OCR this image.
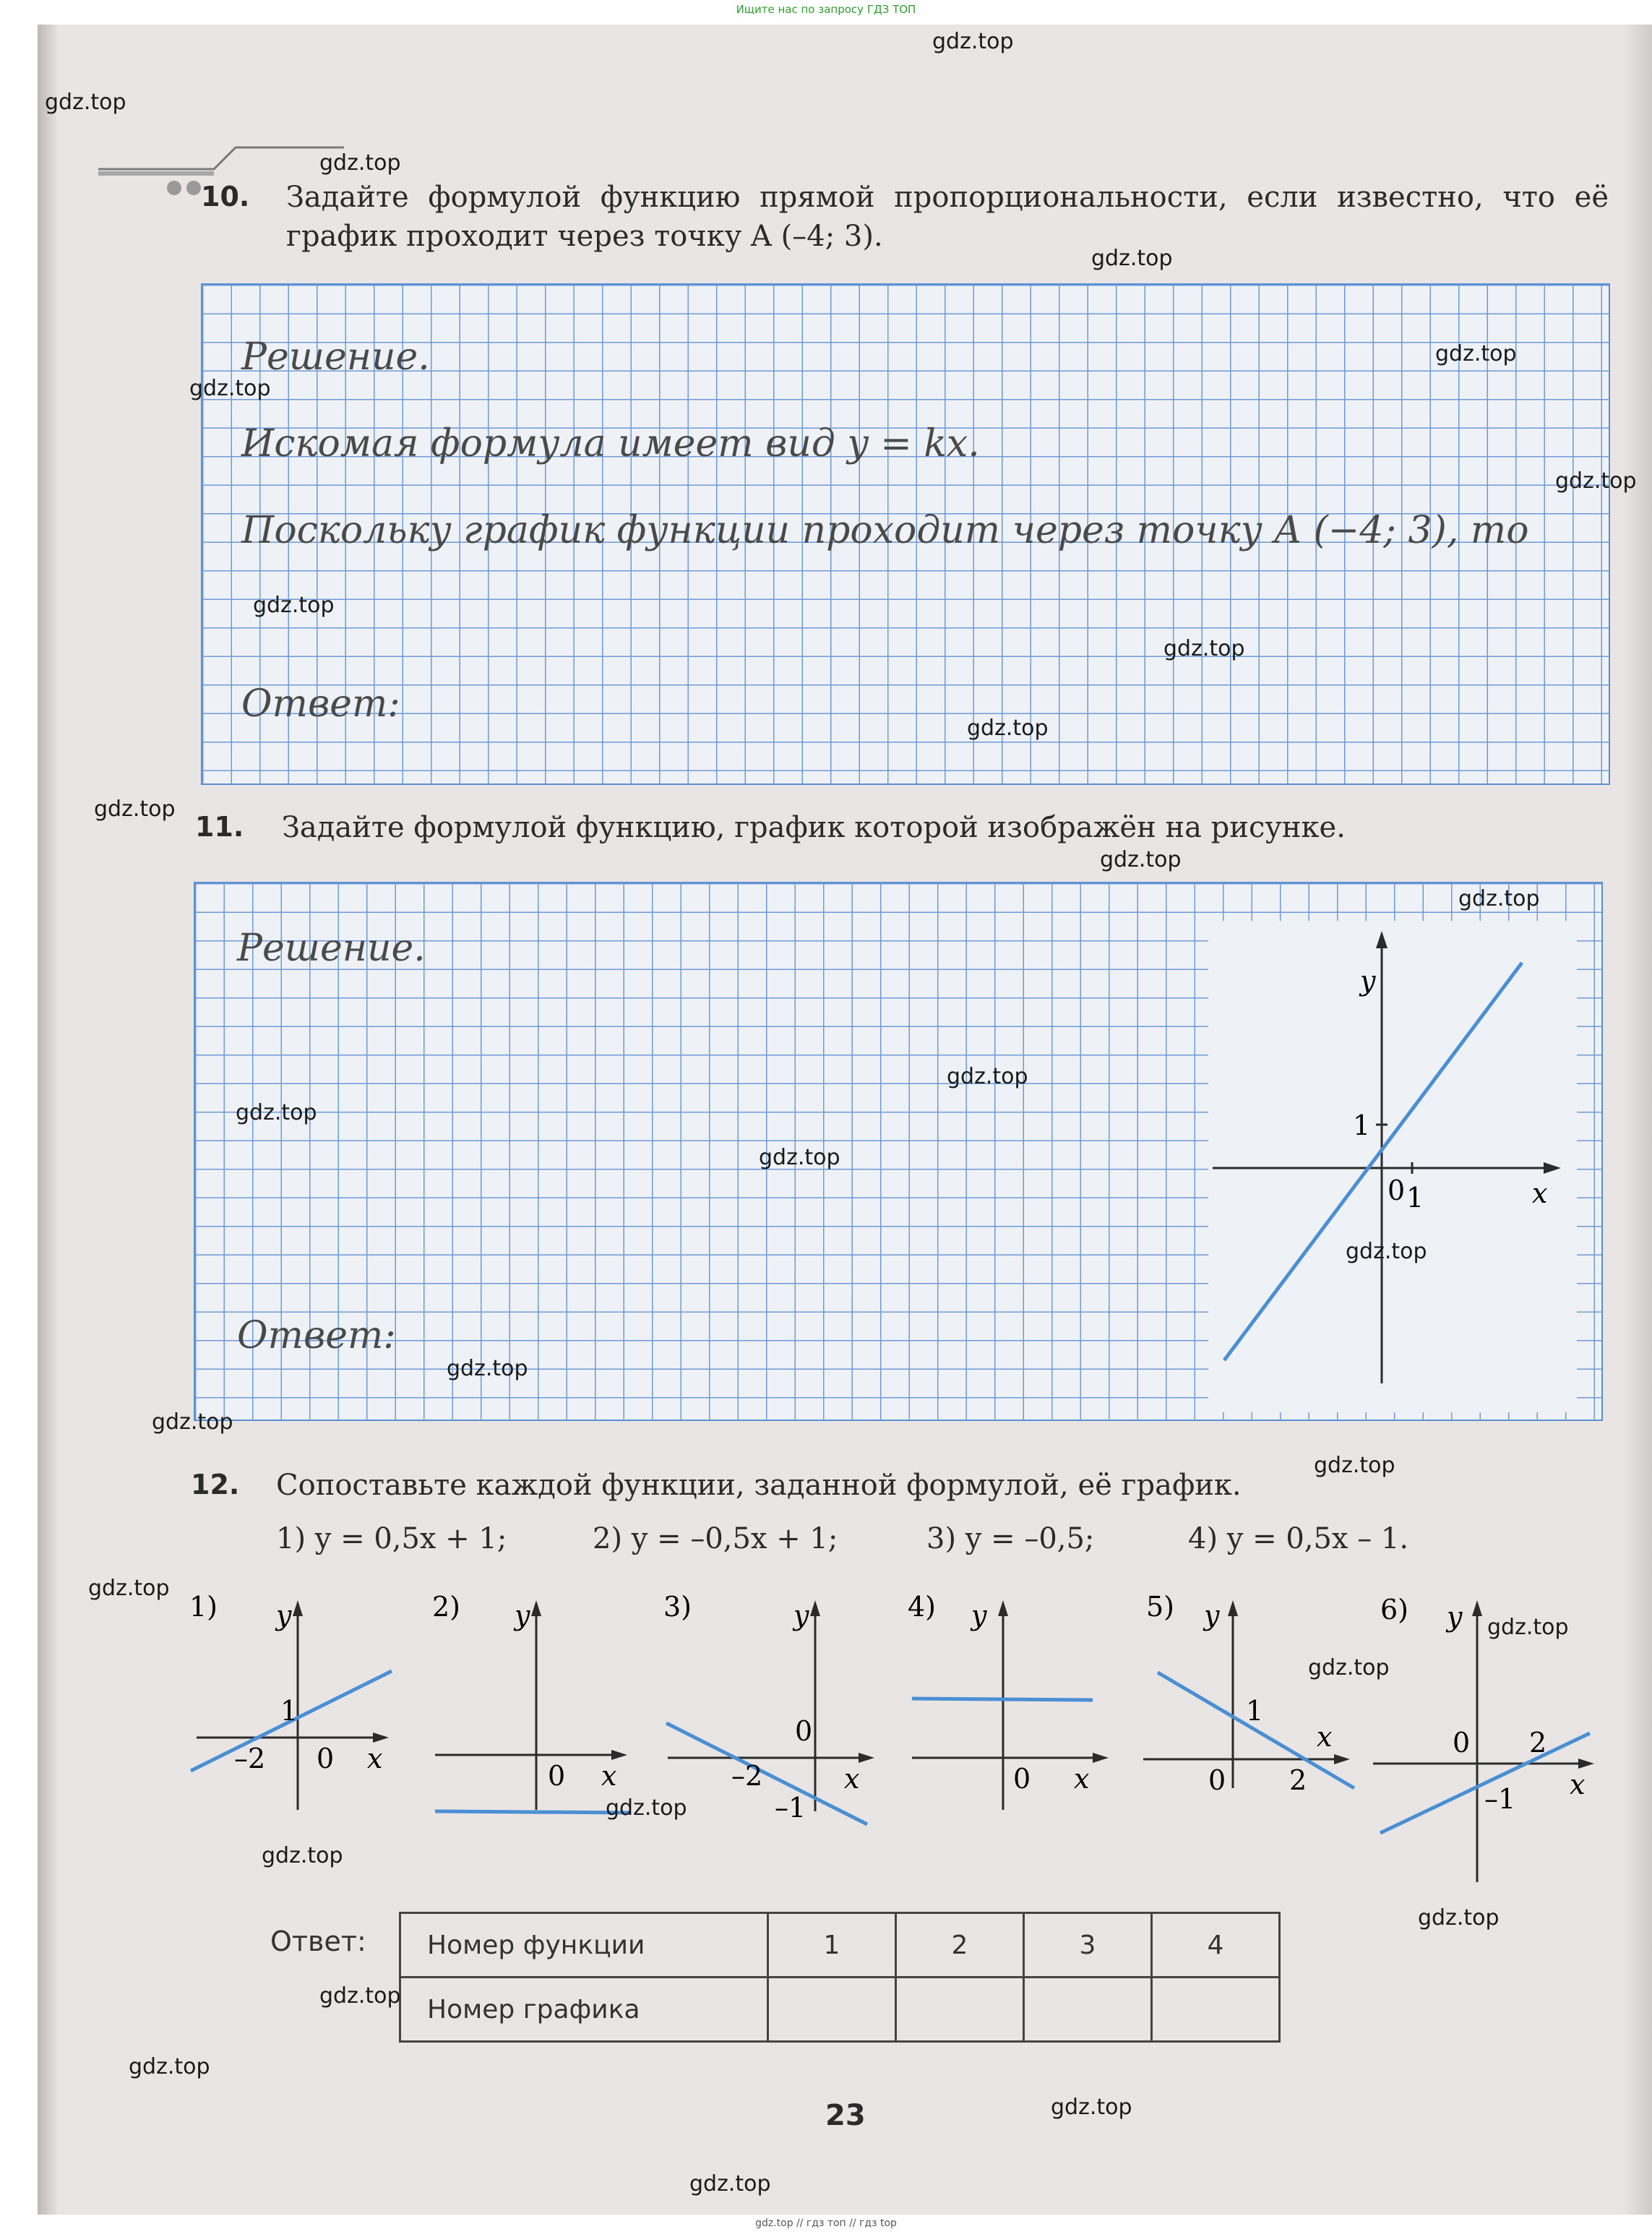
Ищите нас по запросу ГДЗ ТОП
10. Задайте формулой функцию прямой пропорциональности, если известно, что её
график проходит через точку A (–4; 3).
Решение.
Искомая формула имеет вид y = kx.
Поскольку график функции проходит через точку A (−4; 3), то
Ответ:
11. Задайте формулой функцию, график которой изображён на рисунке.
Решение.
Ответ:
y
x
0
1
1
12. Сопоставьте каждой функции, заданной формулой, её график.
1) y = 0,5x + 1;	2) y = –0,5x + 1;	3) y = –0,5;	4) y = 0,5x – 1.
1) y
x
0
1
–2
2) y
x
0
3)	y
x
0
–2
–1
4) y
x
0
5) y
x
0
1
2
6) y
x
0 2
–1
Ответ: Номер функции	1	2	3	4
Номер графика				
23
gdz.top
gdz.top
gdz.top
gdz.top
gdz.top
gdz.top
gdz.top
gdz.top
gdz.top
gdz.top
gdz.top
gdz.top
gdz.top
gdz.top
gdz.top
gdz.top
gdz.top
gdz.top
gdz.top
gdz.top
gdz.top
gdz.top
gdz.top
gdz.top
gdz.top
gdz.top
gdz.top
gdz.top
gdz.top
gdz.top
gdz.top // гдз топ // гдз top
